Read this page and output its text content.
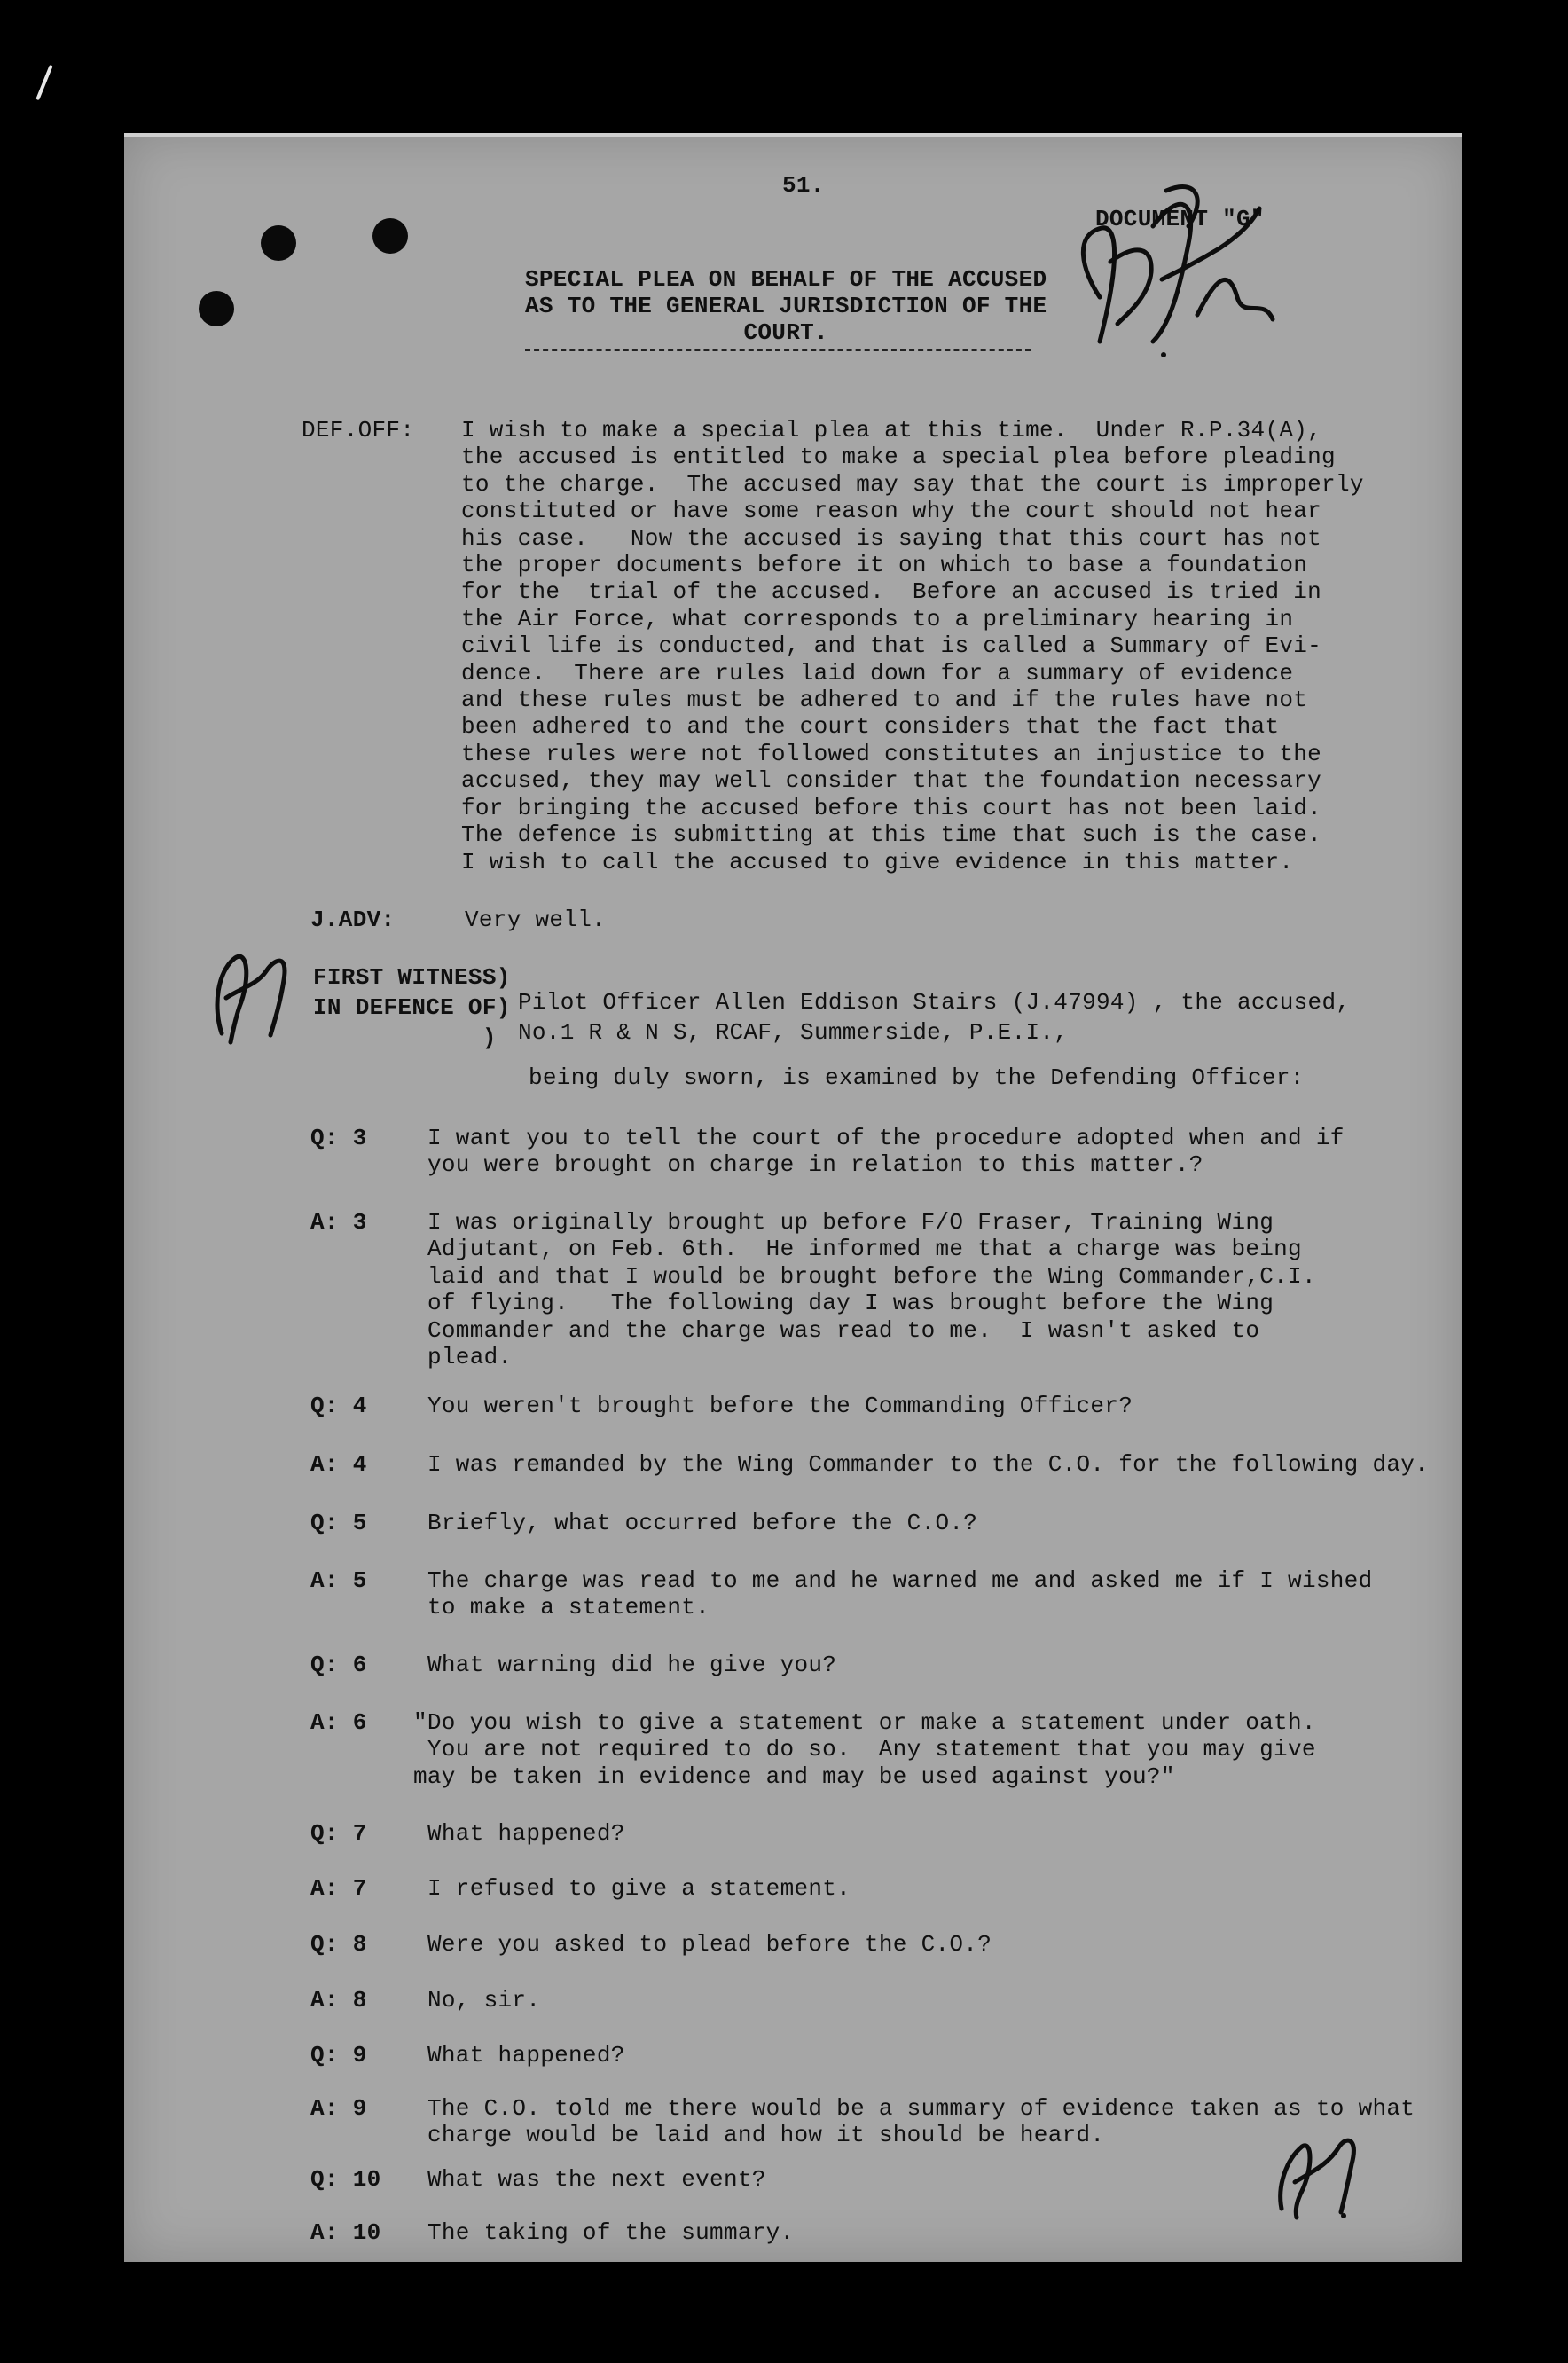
51.
DOCUMENT "G"
SPECIAL PLEA ON BEHALF OF THE ACCUSED
AS TO THE GENERAL JURISDICTION OF THE
COURT.
DEF.OFF: I wish to make a special plea at this time.  Under R.P.34(A),
the accused is entitled to make a special plea before pleading
to the charge.  The accused may say that the court is improperly
constituted or have some reason why the court should not hear
his case.   Now the accused is saying that this court has not
the proper documents before it on which to base a foundation
for the  trial of the accused.  Before an accused is tried in
the Air Force, what corresponds to a preliminary hearing in
civil life is conducted, and that is called a Summary of Evi-
dence.  There are rules laid down for a summary of evidence
and these rules must be adhered to and if the rules have not
been adhered to and the court considers that the fact that
these rules were not followed constitutes an injustice to the
accused, they may well consider that the foundation necessary
for bringing the accused before this court has not been laid.
The defence is submitting at this time that such is the case.
I wish to call the accused to give evidence in this matter.
J.ADV:	Very well.
FIRST WITNESS)
IN DEFENCE OF)
)
Pilot Officer Allen Eddison Stairs (J.47994) , the accused,
No.1 R & N S, RCAF, Summerside, P.E.I.,
being duly sworn, is examined by the Defending Officer:
Q: 3	I want you to tell the court of the procedure adopted when and if
you were brought on charge in relation to this matter.?
A: 3	I was originally brought up before F/O Fraser, Training Wing
Adjutant, on Feb. 6th.  He informed me that a charge was being
laid and that I would be brought before the Wing Commander,C.I.
of flying.   The following day I was brought before the Wing
Commander and the charge was read to me.  I wasn't asked to
plead.
Q: 4	You weren't brought before the Commanding Officer?
A: 4	I was remanded by the Wing Commander to the C.O. for the following day.
Q: 5	Briefly, what occurred before the C.O.?
A: 5	The charge was read to me and he warned me and asked me if I wished
to make a statement.
Q: 6	What warning did he give you?
A: 6 "Do you wish to give a statement or make a statement under oath.
You are not required to do so.  Any statement that you may give
may be taken in evidence and may be used against you?"
Q: 7	What happened?
A: 7	I refused to give a statement.
Q: 8	Were you asked to plead before the C.O.?
A: 8	No, sir.
Q: 9	What happened?
A: 9	The C.O. told me there would be a summary of evidence taken as to what
charge would be laid and how it should be heard.
Q: 10 What was the next event?
A: 10 The taking of the summary.
